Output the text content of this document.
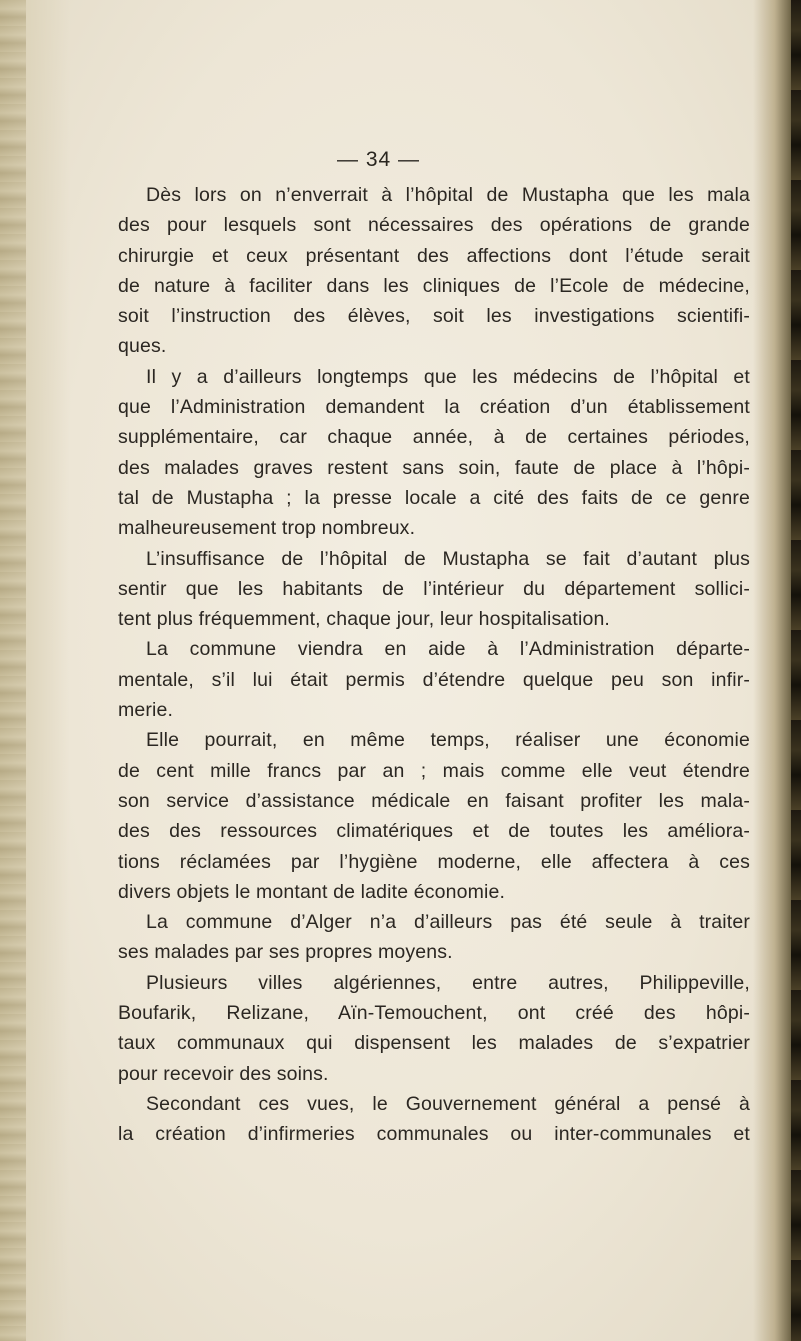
— 34 —
Dès lors on n’enverrait à l’hôpital de Mustapha que les mala
des pour lesquels sont nécessaires des opérations de grande
chirurgie et ceux présentant des affections dont l’étude serait
de nature à faciliter dans les cliniques de l’Ecole de médecine,
soit l’instruction des élèves, soit les investigations scientifi-
ques.
Il y a d’ailleurs longtemps que les médecins de l’hôpital et
que l’Administration demandent la création d’un établissement
supplémentaire, car chaque année, à de certaines périodes,
des malades graves restent sans soin, faute de place à l’hôpi-
tal de Mustapha ; la presse locale a cité des faits de ce genre
malheureusement trop nombreux.
L’insuffisance de l’hôpital de Mustapha se fait d’autant plus
sentir que les habitants de l’intérieur du département sollici-
tent plus fréquemment, chaque jour, leur hospitalisation.
La commune viendra en aide à l’Administration départe-
mentale, s’il lui était permis d’étendre quelque peu son infir-
merie.
Elle pourrait, en même temps, réaliser une économie
de cent mille francs par an ; mais comme elle veut étendre
son service d’assistance médicale en faisant profiter les mala-
des des ressources climatériques et de toutes les améliora-
tions réclamées par l’hygiène moderne, elle affectera à ces
divers objets le montant de ladite économie.
La commune d’Alger n’a d’ailleurs pas été seule à traiter
ses malades par ses propres moyens.
Plusieurs villes algériennes, entre autres, Philippeville,
Boufarik, Relizane, Aïn-Temouchent, ont créé des hôpi-
taux communaux qui dispensent les malades de s’expatrier
pour recevoir des soins.
Secondant ces vues, le Gouvernement général a pensé à
la création d’infirmeries communales ou inter-communales et
